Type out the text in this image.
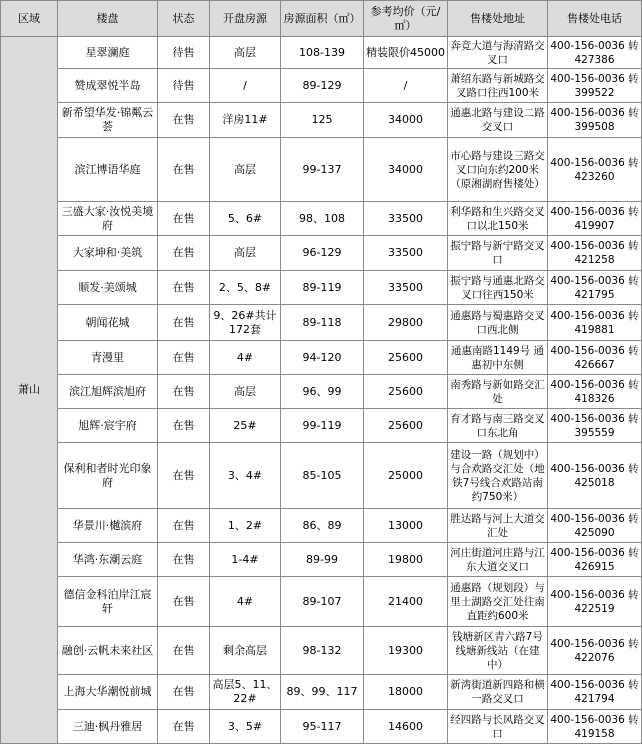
区域	楼盘	状态	开盘房源	房源面积（㎡）	参考均价（元/㎡）	售楼处地址	售楼处电话
萧山	星翠澜庭	待售	高层	108-139	精装限价45000	奔竞大道与海清路交叉口	400-156-0036 转427386
	赞成翠悦半岛	待售	/	89-129	/	萧绍东路与新城路交叉路口往西100米	400-156-0036 转399522
	新希望华发·锦粼云荟	在售	洋房11#	125	34000	通惠北路与建设二路交叉口	400-156-0036 转399508
	滨江博语华庭	在售	高层	99-137	34000	市心路与建设三路交叉口向东约200米（原湘湖府售楼处）	400-156-0036 转423260
	三盛大家·汝悦美境府	在售	5、6#	98、108	33500	利华路和生兴路交叉口以北150米	400-156-0036 转419907
	大家坤和·美筑	在售	高层	96-129	33500	振宁路与新宁路交叉口	400-156-0036 转421258
	顺发·美颂城	在售	2、5、8#	89-119	33500	振宁路与通惠北路交叉口往西150米	400-156-0036 转421795
	朝闻花城	在售	9、26#共计172套	89-118	29800	通惠路与蜀惠路交叉口西北侧	400-156-0036 转419881
	青漫里	在售	4#	94-120	25600	通惠南路1149号 通惠初中东侧	400-156-0036 转426667
	滨江旭辉滨旭府	在售	高层	96、99	25600	南秀路与新如路交汇处	400-156-0036 转418326
	旭辉·宸宇府	在售	25#	99-119	25600	育才路与南三路交叉口东北角	400-156-0036 转395559
	保利和者时光印象府	在售	3、4#	85-105	25000	建设一路（规划中）与合欢路交汇处（地铁7号线合欢路站南约750米）	400-156-0036 转425018
	华景川·樾滨府	在售	1、2#	86、89	13000	胜达路与河上大道交汇处	400-156-0036 转425090
	华鸿·东潮云庭	在售	1-4#	89-99	19800	河庄街道河庄路与江东大道交叉口	400-156-0036 转426915
	德信金科泊岸江宸轩	在售	4#	89-107	21400	通惠路（规划段）与里士湖路交汇处往南直距约600米	400-156-0036 转422519
	融创·云帆未来社区	在售	剩余高层	98-132	19300	钱塘新区青六路7号线塘新线站（在建中）	400-156-0036 转422076
	上海大华潮悦前城	在售	高层5、11、22#	89、99、117	18000	新湾街道新四路和横一路交叉口	400-156-0036 转421794
	三迪·枫丹雅居	在售	3、5#	95-117	14600	经四路与长风路交叉口	400-156-0036 转419158
